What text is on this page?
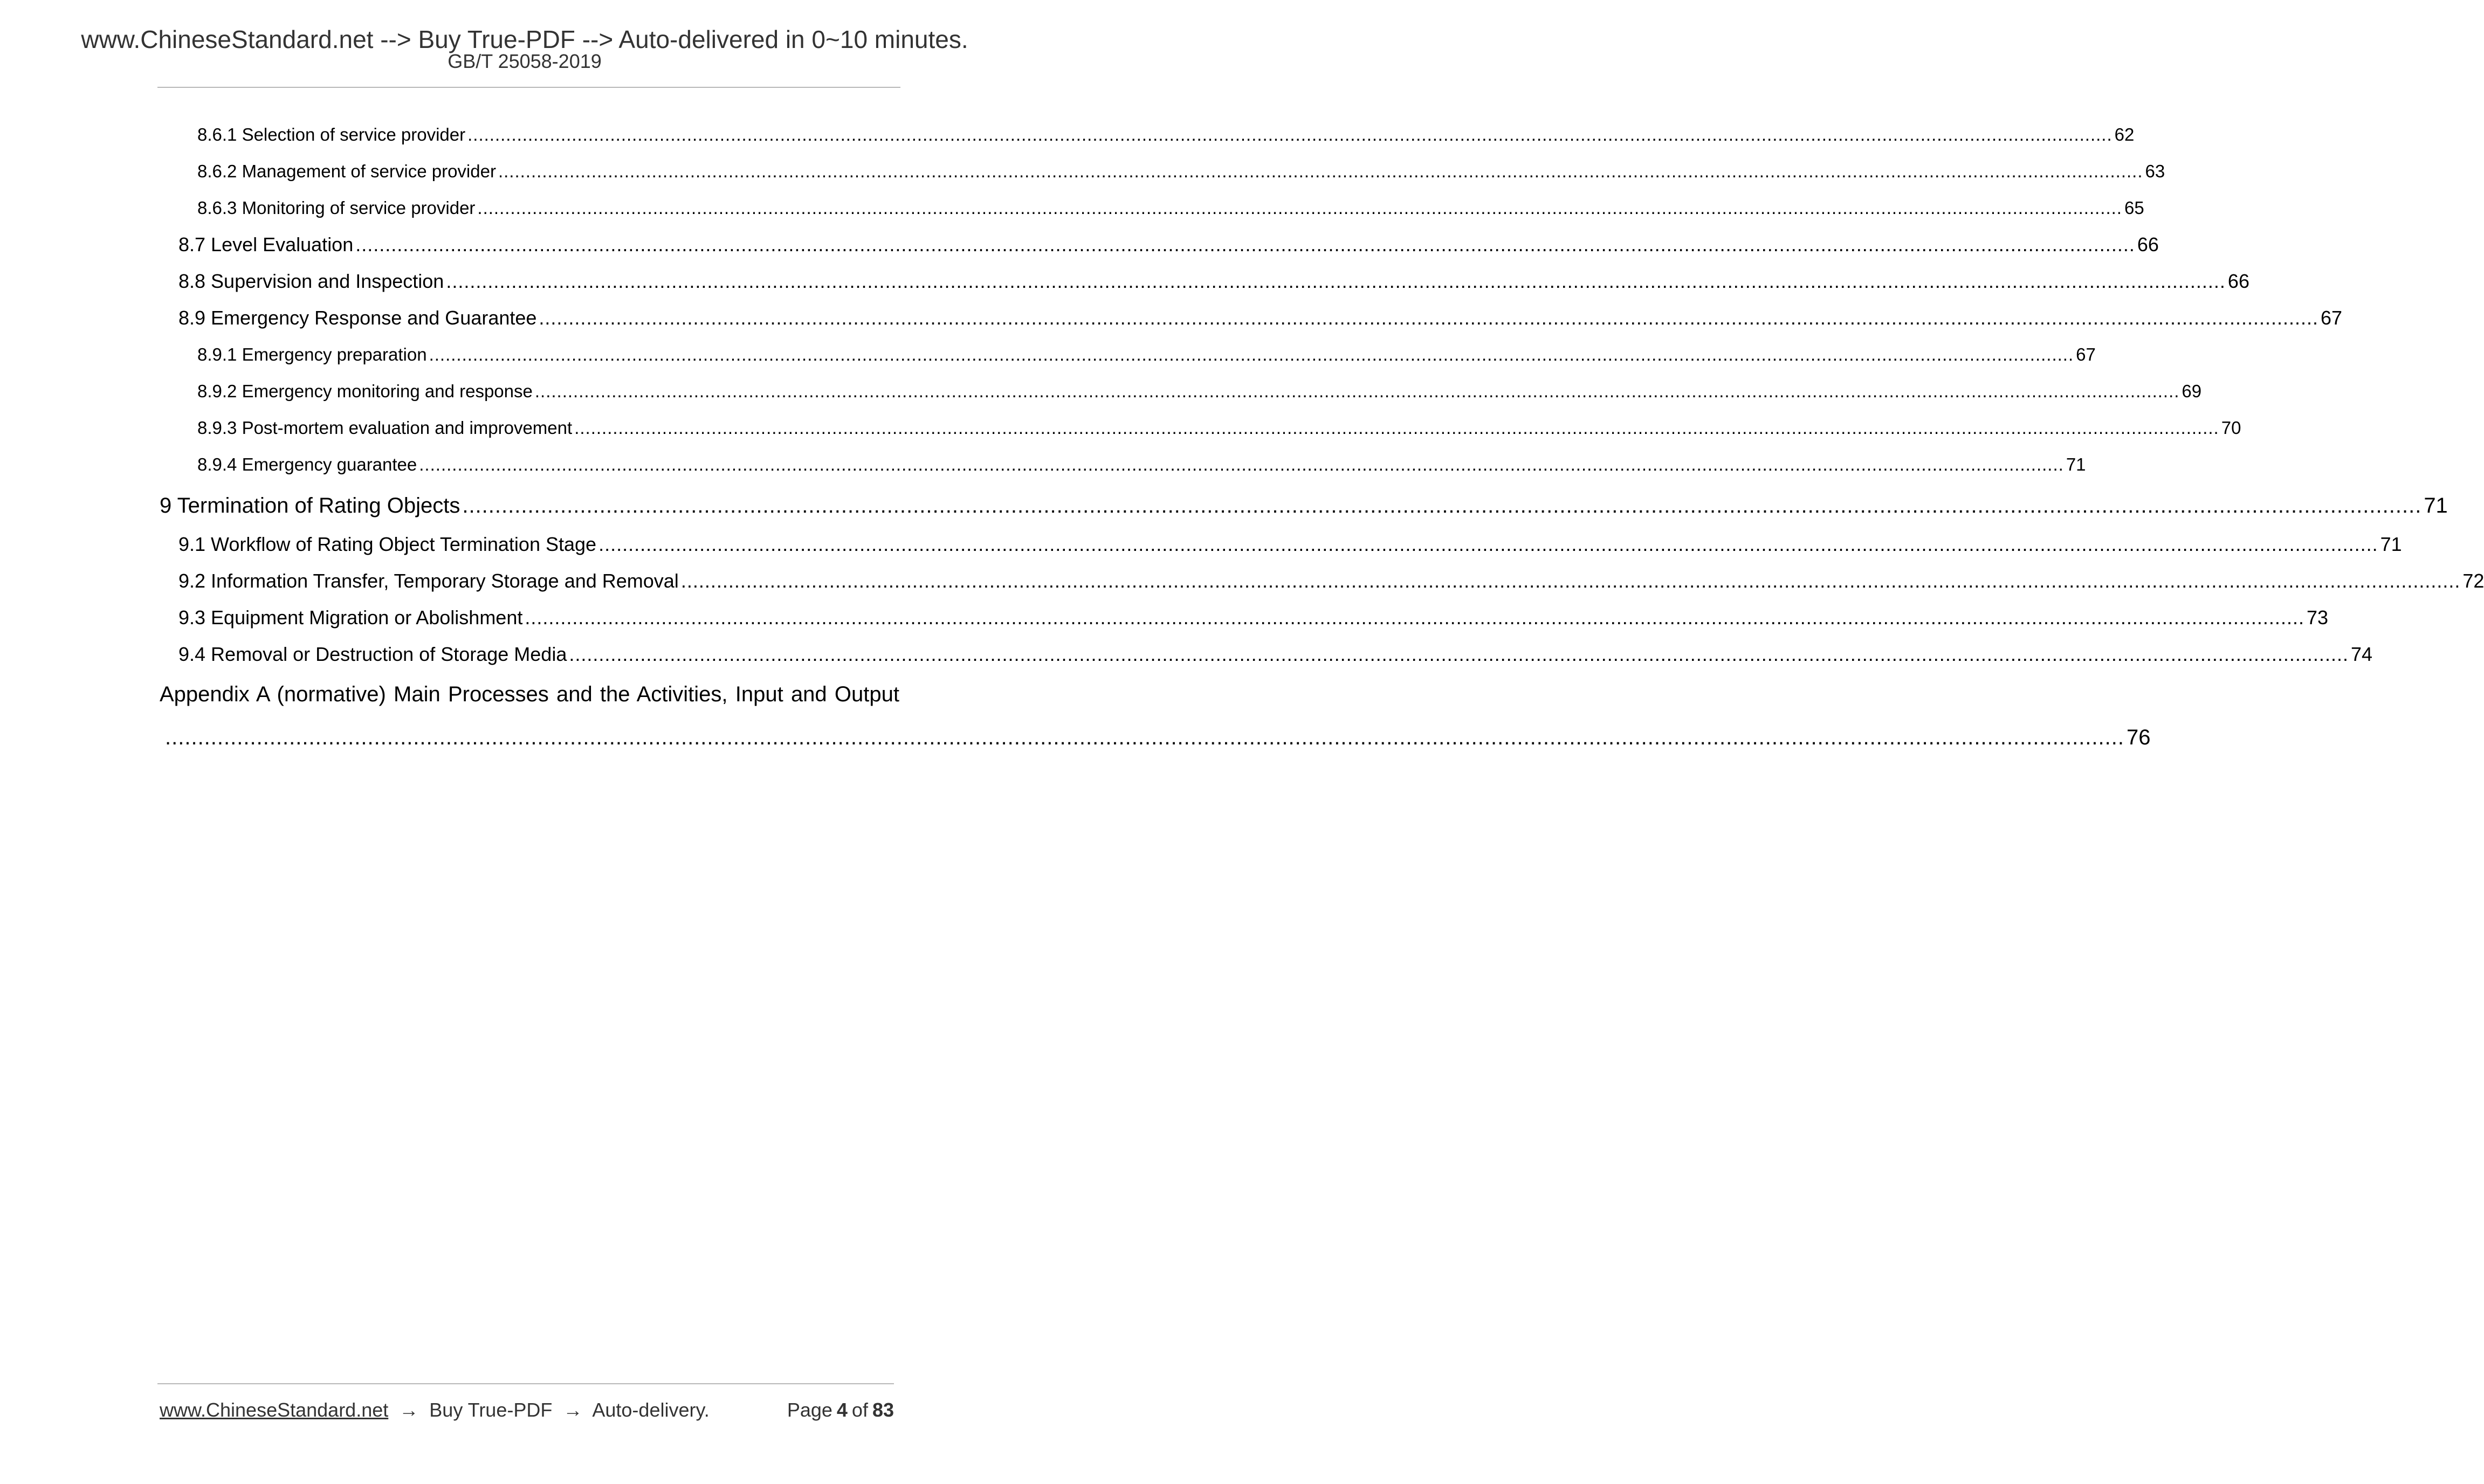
www.ChineseStandard.net --> Buy True-PDF --> Auto-delivered in 0~10 minutes.
GB/T 25058-2019
8.6.1 Selection of service provider ............................................................................................................................................................................................................................................................................................................ 62
8.6.2 Management of service provider ............................................................................................................................................................................................................................................................................................................ 63
8.6.3 Monitoring of service provider ............................................................................................................................................................................................................................................................................................................ 65
8.7 Level Evaluation ............................................................................................................................................................................................................................................................................................................ 66
8.8 Supervision and Inspection ............................................................................................................................................................................................................................................................................................................ 66
8.9 Emergency Response and Guarantee ............................................................................................................................................................................................................................................................................................................ 67
8.9.1 Emergency preparation ............................................................................................................................................................................................................................................................................................................ 67
8.9.2 Emergency monitoring and response ............................................................................................................................................................................................................................................................................................................ 69
8.9.3 Post-mortem evaluation and improvement ............................................................................................................................................................................................................................................................................................................ 70
8.9.4 Emergency guarantee ............................................................................................................................................................................................................................................................................................................ 71
9 Termination of Rating Objects ............................................................................................................................................................................................................................................................................................................ 71
9.1 Workflow of Rating Object Termination Stage ............................................................................................................................................................................................................................................................................................................ 71
9.2 Information Transfer, Temporary Storage and Removal ............................................................................................................................................................................................................................................................................................................ 72
9.3 Equipment Migration or Abolishment ............................................................................................................................................................................................................................................................................................................ 73
9.4 Removal or Destruction of Storage Media ............................................................................................................................................................................................................................................................................................................ 74
Appendix A (normative) Main Processes and the Activities, Input and Output
............................................................................................................................................................................................................................................................................................................ 76
www.ChineseStandard.net → Buy True-PDF → Auto-delivery.	Page 4 of 83
